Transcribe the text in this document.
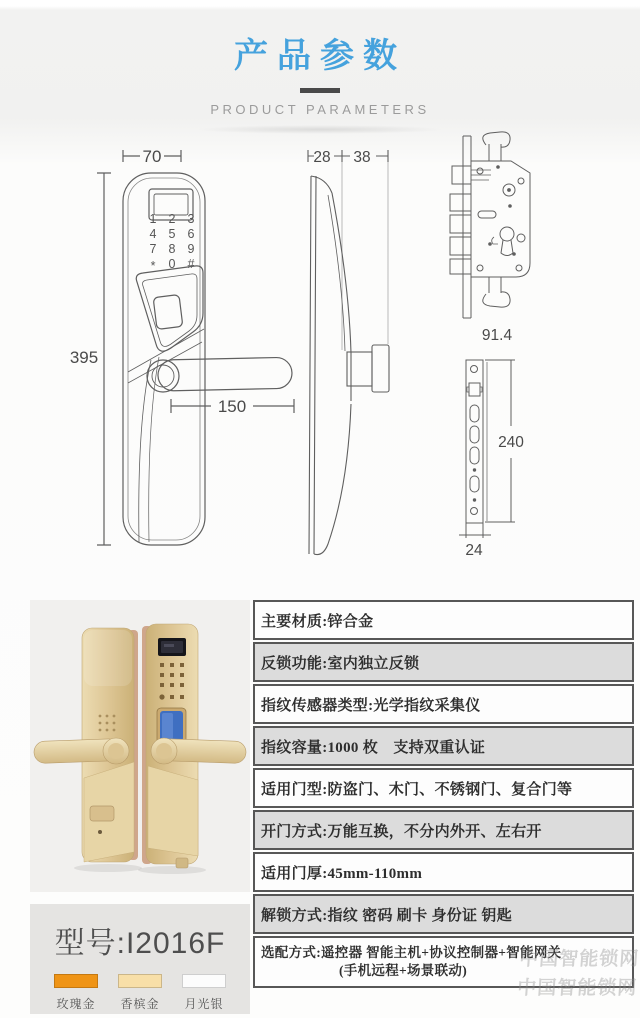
产品参数
PRODUCT PARAMETERS
70
395
1 2 3
4 5 6
7 8 9
* 0 #
150
28 38
91.4
240
24
型号:I2016F
玫瑰金	香槟金	月光银
主要材质:锌合金
反锁功能:室内独立反锁
指纹传感器类型:光学指纹采集仪
指纹容量:1000 枚　支持双重认证
适用门型:防盗门、木门、不锈钢门、复合门等
开门方式:万能互换，不分内外开、左右开
适用门厚:45mm-110mm
解锁方式:指纹 密码 刷卡 身份证 钥匙
选配方式:遥控器 智能主机+协议控制器+智能网关
(手机远程+场景联动)
中国智能锁网
中国智能锁网
